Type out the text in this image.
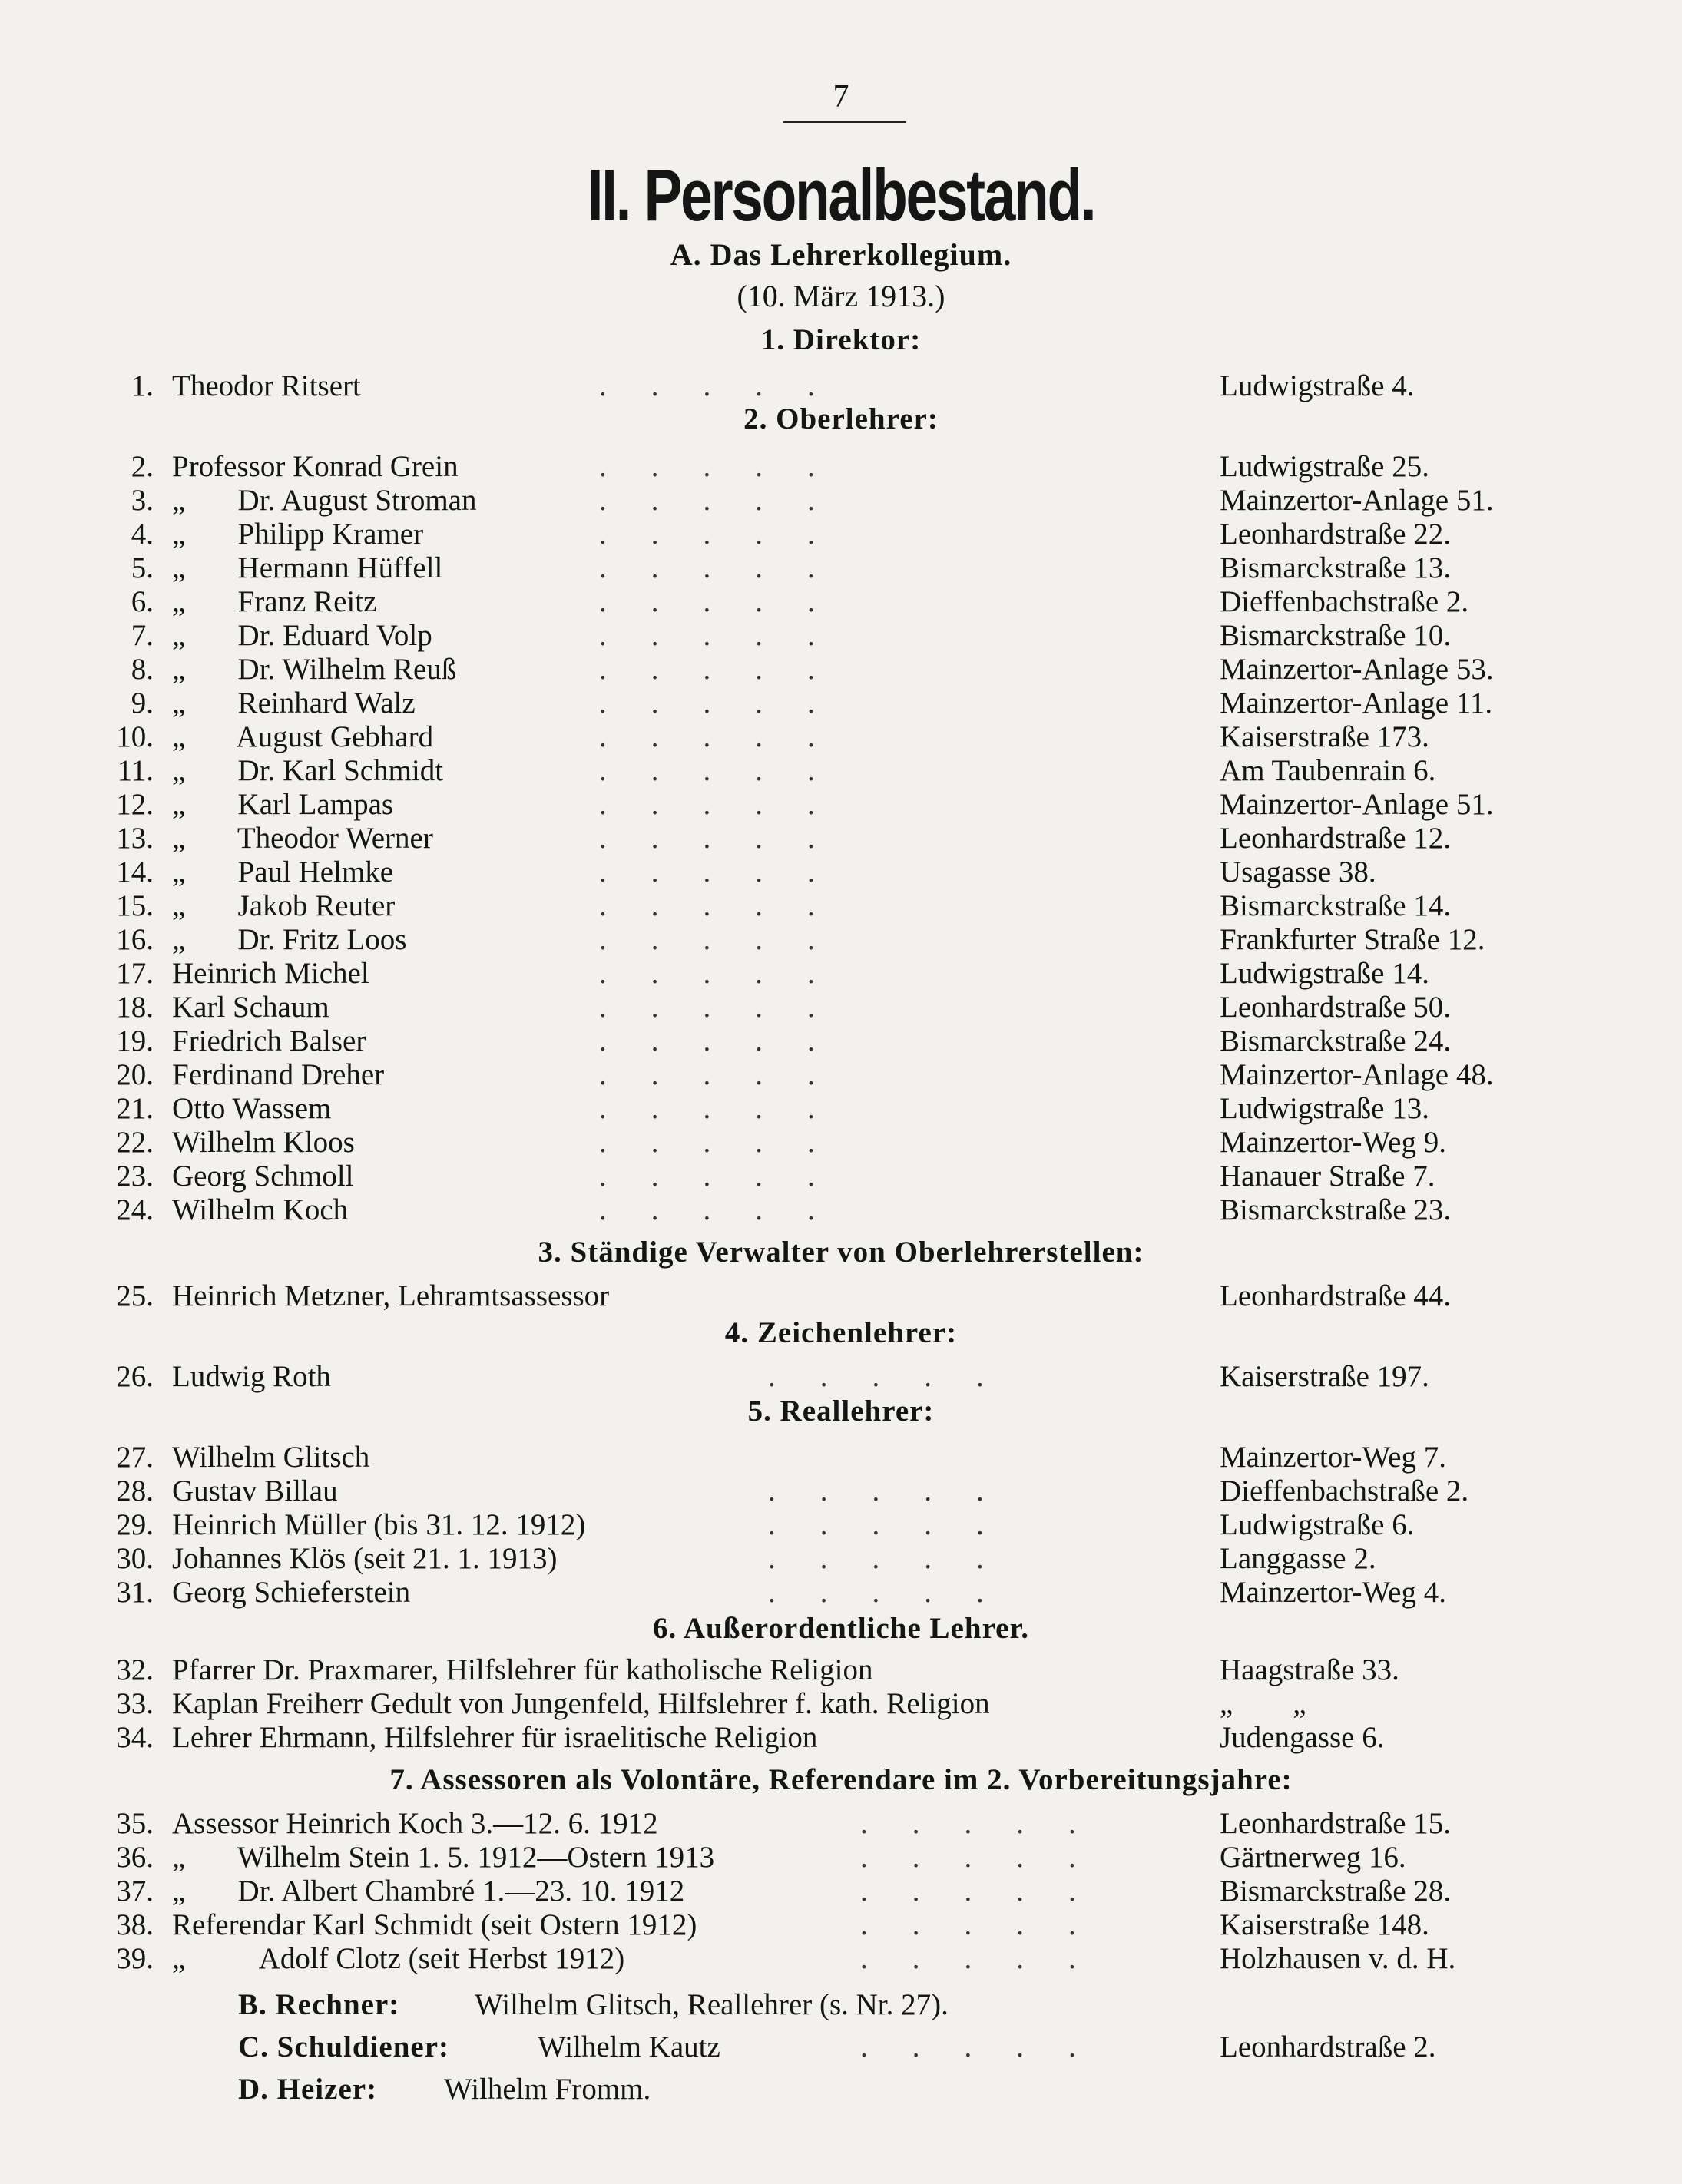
7
II. Personalbestand.
A. Das Lehrerkollegium.
(10. März 1913.)
1. Direktor:
2. Oberlehrer:
3. Ständige Verwalter von Oberlehrerstellen:
4. Zeichenlehrer:
5. Reallehrer:
6. Außerordentliche Lehrer.
7. Assessoren als Volontäre, Referendare im 2. Vorbereitungsjahre:
1. Theodor Ritsert	.....	Ludwigstraße 4.
2. Professor Konrad Grein	.....	Ludwigstraße 25.
3. „       Dr. August Stroman	.....	Mainzertor-Anlage 51.
4. „       Philipp Kramer	.....	Leonhardstraße 22.
5. „       Hermann Hüffell	.....	Bismarckstraße 13.
6. „       Franz Reitz	.....	Dieffenbachstraße 2.
7. „       Dr. Eduard Volp	.....	Bismarckstraße 10.
8. „       Dr. Wilhelm Reuß	.....	Mainzertor-Anlage 53.
9. „       Reinhard Walz	.....	Mainzertor-Anlage 11.
10. „       August Gebhard	.....	Kaiserstraße 173.
11. „       Dr. Karl Schmidt	.....	Am Taubenrain 6.
12. „       Karl Lampas	.....	Mainzertor-Anlage 51.
13. „       Theodor Werner	.....	Leonhardstraße 12.
14. „       Paul Helmke	.....	Usagasse 38.
15. „       Jakob Reuter	.....	Bismarckstraße 14.
16. „       Dr. Fritz Loos	.....	Frankfurter Straße 12.
17. Heinrich Michel	.....	Ludwigstraße 14.
18. Karl Schaum	.....	Leonhardstraße 50.
19. Friedrich Balser	.....	Bismarckstraße 24.
20. Ferdinand Dreher	.....	Mainzertor-Anlage 48.
21. Otto Wassem	.....	Ludwigstraße 13.
22. Wilhelm Kloos	.....	Mainzertor-Weg 9.
23. Georg Schmoll	.....	Hanauer Straße 7.
24. Wilhelm Koch	.....	Bismarckstraße 23.
25. Heinrich Metzner, Lehramtsassessor	Leonhardstraße 44.
26. Ludwig Roth	.....	Kaiserstraße 197.
27. Wilhelm Glitsch	Mainzertor-Weg 7.
28. Gustav Billau	.....	Dieffenbachstraße 2.
29. Heinrich Müller (bis 31. 12. 1912)	.....	Ludwigstraße 6.
30. Johannes Klös (seit 21. 1. 1913)	.....	Langgasse 2.
31. Georg Schieferstein	.....	Mainzertor-Weg 4.
32. Pfarrer Dr. Praxmarer, Hilfslehrer für katholische Religion	Haagstraße 33.
33. Kaplan Freiherr Gedult von Jungenfeld, Hilfslehrer f. kath. Religion	„        „
34. Lehrer Ehrmann, Hilfslehrer für israelitische Religion	Judengasse 6.
35. Assessor Heinrich Koch 3.—12. 6. 1912	.....	Leonhardstraße 15.
36. „       Wilhelm Stein 1. 5. 1912—Ostern 1913	.....	Gärtnerweg 16.
37. „       Dr. Albert Chambré 1.—23. 10. 1912	.....	Bismarckstraße 28.
38. Referendar Karl Schmidt (seit Ostern 1912)	.....	Kaiserstraße 148.
39. „          Adolf Clotz (seit Herbst 1912)	.....	Holzhausen v. d. H.
B. Rechner:	Wilhelm Glitsch, Reallehrer (s. Nr. 27).
C. Schuldiener:	Wilhelm Kautz	.....	Leonhardstraße 2.
D. Heizer: Wilhelm Fromm.
